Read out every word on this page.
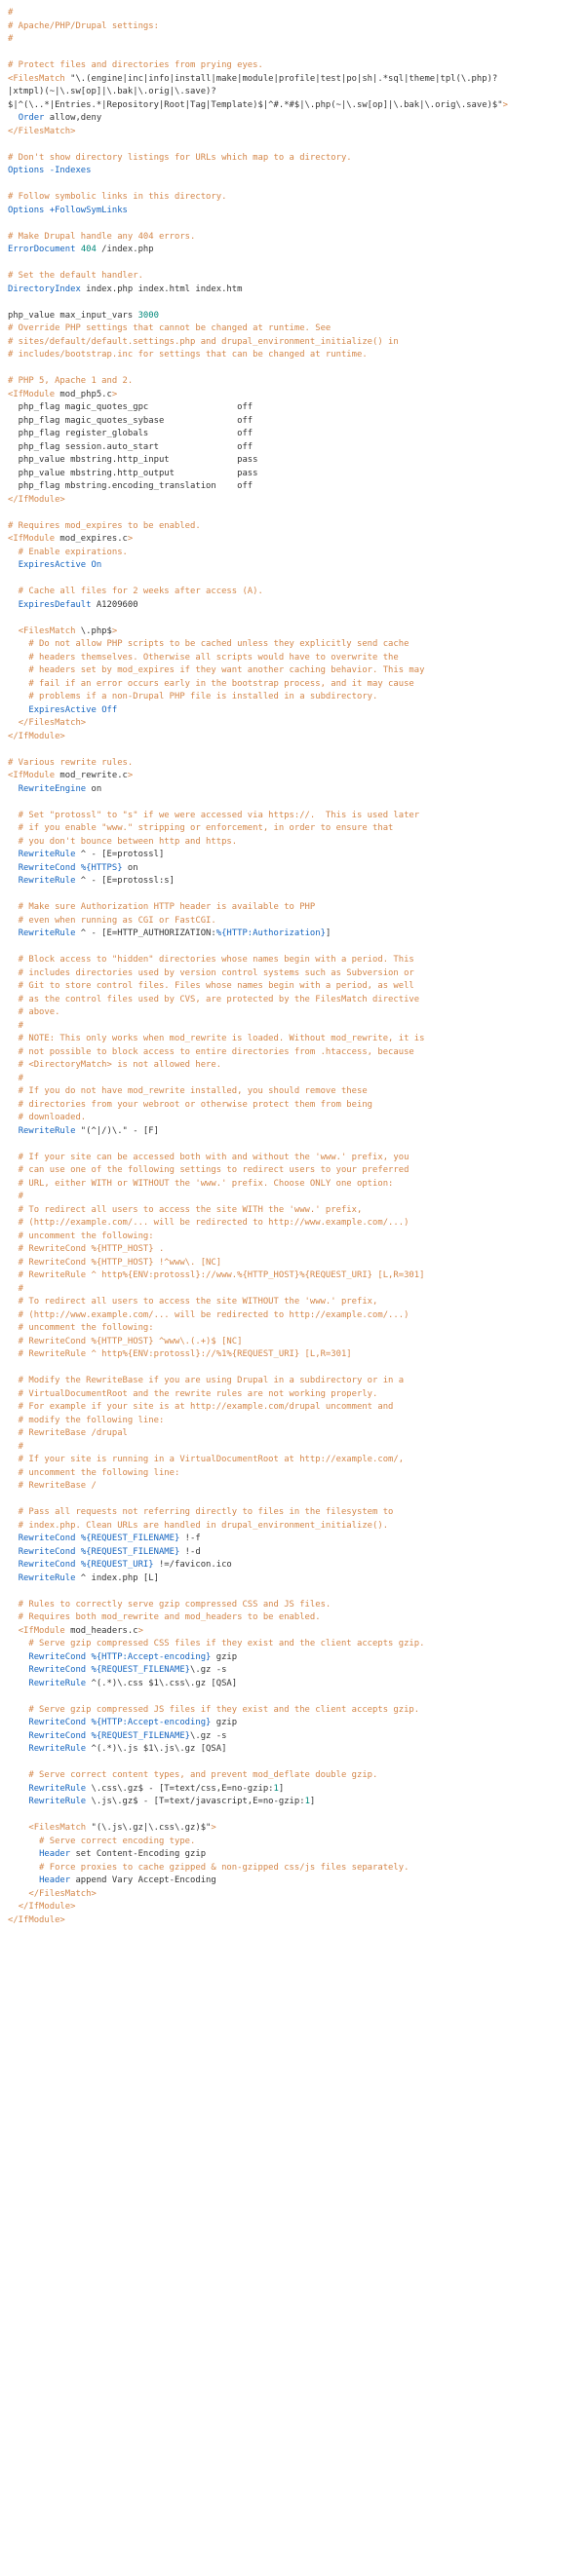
#
# Apache/PHP/Drupal settings:
#

# Protect files and directories from prying eyes.
<FilesMatch "\.(engine|inc|info|install|make|module|profile|test|po|sh|.*sql|theme|tpl(\.php)?
|xtmpl)(~|\.sw[op]|\.bak|\.orig|\.save)?
$|^(\..*|Entries.*|Repository|Root|Tag|Template)$|^#.*#$|\.php(~|\.sw[op]|\.bak|\.orig\.save)$">
Order allow,deny
</FilesMatch>

# Don't show directory listings for URLs which map to a directory.
Options -Indexes

# Follow symbolic links in this directory.
Options +FollowSymLinks

# Make Drupal handle any 404 errors.
ErrorDocument 404 /index.php

# Set the default handler.
DirectoryIndex index.php index.html index.htm

php_value max_input_vars 3000
# Override PHP settings that cannot be changed at runtime. See
# sites/default/default.settings.php and drupal_environment_initialize() in
# includes/bootstrap.inc for settings that can be changed at runtime.

# PHP 5, Apache 1 and 2.
<IfModule mod_php5.c>
php_flag magic_quotes_gpc                 off
php_flag magic_quotes_sybase              off
php_flag register_globals                 off
php_flag session.auto_start               off
php_value mbstring.http_input             pass
php_value mbstring.http_output            pass
php_flag mbstring.encoding_translation    off
</IfModule>

# Requires mod_expires to be enabled.
<IfModule mod_expires.c>
# Enable expirations.
ExpiresActive On

# Cache all files for 2 weeks after access (A).
ExpiresDefault A1209600

<FilesMatch \.php$>
# Do not allow PHP scripts to be cached unless they explicitly send cache
# headers themselves. Otherwise all scripts would have to overwrite the
# headers set by mod_expires if they want another caching behavior. This may
# fail if an error occurs early in the bootstrap process, and it may cause
# problems if a non-Drupal PHP file is installed in a subdirectory.
ExpiresActive Off
</FilesMatch>
</IfModule>

# Various rewrite rules.
<IfModule mod_rewrite.c>
RewriteEngine on

# Set "protossl" to "s" if we were accessed via https://.  This is used later
# if you enable "www." stripping or enforcement, in order to ensure that
# you don't bounce between http and https.
RewriteRule ^ - [E=protossl]
RewriteCond %{HTTPS} on
RewriteRule ^ - [E=protossl:s]

# Make sure Authorization HTTP header is available to PHP
# even when running as CGI or FastCGI.
RewriteRule ^ - [E=HTTP_AUTHORIZATION:%{HTTP:Authorization}]

# Block access to "hidden" directories whose names begin with a period. This
# includes directories used by version control systems such as Subversion or
# Git to store control files. Files whose names begin with a period, as well
# as the control files used by CVS, are protected by the FilesMatch directive
# above.
#
# NOTE: This only works when mod_rewrite is loaded. Without mod_rewrite, it is
# not possible to block access to entire directories from .htaccess, because
# <DirectoryMatch> is not allowed here.
#
# If you do not have mod_rewrite installed, you should remove these
# directories from your webroot or otherwise protect them from being
# downloaded.
RewriteRule "(^|/)\." - [F]

# If your site can be accessed both with and without the 'www.' prefix, you
# can use one of the following settings to redirect users to your preferred
# URL, either WITH or WITHOUT the 'www.' prefix. Choose ONLY one option:
#
# To redirect all users to access the site WITH the 'www.' prefix,
# (http://example.com/... will be redirected to http://www.example.com/...)
# uncomment the following:
# RewriteCond %{HTTP_HOST} .
# RewriteCond %{HTTP_HOST} !^www\. [NC]
# RewriteRule ^ http%{ENV:protossl}://www.%{HTTP_HOST}%{REQUEST_URI} [L,R=301]
#
# To redirect all users to access the site WITHOUT the 'www.' prefix,
# (http://www.example.com/... will be redirected to http://example.com/...)
# uncomment the following:
# RewriteCond %{HTTP_HOST} ^www\.(.+)$ [NC]
# RewriteRule ^ http%{ENV:protossl}://%1%{REQUEST_URI} [L,R=301]

# Modify the RewriteBase if you are using Drupal in a subdirectory or in a
# VirtualDocumentRoot and the rewrite rules are not working properly.
# For example if your site is at http://example.com/drupal uncomment and
# modify the following line:
# RewriteBase /drupal
#
# If your site is running in a VirtualDocumentRoot at http://example.com/,
# uncomment the following line:
# RewriteBase /

# Pass all requests not referring directly to files in the filesystem to
# index.php. Clean URLs are handled in drupal_environment_initialize().
RewriteCond %{REQUEST_FILENAME} !-f
RewriteCond %{REQUEST_FILENAME} !-d
RewriteCond %{REQUEST_URI} !=/favicon.ico
RewriteRule ^ index.php [L]

# Rules to correctly serve gzip compressed CSS and JS files.
# Requires both mod_rewrite and mod_headers to be enabled.
<IfModule mod_headers.c>
# Serve gzip compressed CSS files if they exist and the client accepts gzip.
RewriteCond %{HTTP:Accept-encoding} gzip
RewriteCond %{REQUEST_FILENAME}\.gz -s
RewriteRule ^(.*)\.css $1\.css\.gz [QSA]

# Serve gzip compressed JS files if they exist and the client accepts gzip.
RewriteCond %{HTTP:Accept-encoding} gzip
RewriteCond %{REQUEST_FILENAME}\.gz -s
RewriteRule ^(.*)\.js $1\.js\.gz [QSA]

# Serve correct content types, and prevent mod_deflate double gzip.
RewriteRule \.css\.gz$ - [T=text/css,E=no-gzip:1]
RewriteRule \.js\.gz$ - [T=text/javascript,E=no-gzip:1]

<FilesMatch "(\.js\.gz|\.css\.gz)$">
# Serve correct encoding type.
Header set Content-Encoding gzip
# Force proxies to cache gzipped & non-gzipped css/js files separately.
Header append Vary Accept-Encoding
</FilesMatch>
</IfModule>
</IfModule>
